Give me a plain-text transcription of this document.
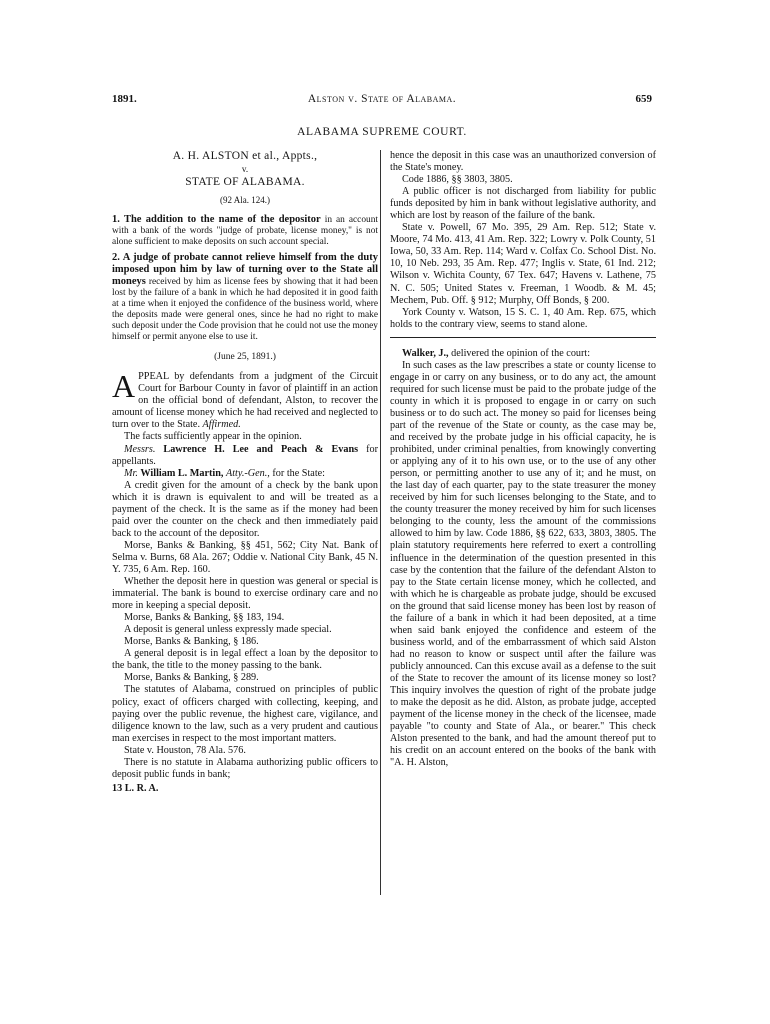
1891.	Alston v. State of Alabama.	659
ALABAMA SUPREME COURT.

A. H. ALSTON et al., Appts.,

v.

STATE OF ALABAMA.

(92 Ala. 124.)

1. The addition to the name of the depositor in an account with a bank of the words "judge of probate, license money," is not alone sufficient to make deposits on such account special.

2. A judge of probate cannot relieve himself from the duty imposed upon him by law of turning over to the State all moneys received by him as license fees by showing that it had been lost by the failure of a bank in which he had deposited it in good faith at a time when it enjoyed the confidence of the business world, where the deposits made were general ones, since he had no right to make such deposit under the Code provision that he could not use the money himself or permit anyone else to use it.

(June 25, 1891.)

APPEAL by defendants from a judgment of the Circuit Court for Barbour County in favor of plaintiff in an action on the official bond of defendant, Alston, to recover the amount of license money which he had received and neglected to turn over to the State. Affirmed.

The facts sufficiently appear in the opinion.

Messrs. Lawrence H. Lee and Peach & Evans for appellants.

Mr. William L. Martin, Atty.-Gen., for the State:

A credit given for the amount of a check by the bank upon which it is drawn is equivalent to and will be treated as a payment of the check. It is the same as if the money had been paid over the counter on the check and then immediately paid back to the account of the depositor.

Morse, Banks & Banking, §§ 451, 562; City Nat. Bank of Selma v. Burns, 68 Ala. 267; Oddie v. National City Bank, 45 N. Y. 735, 6 Am. Rep. 160.

Whether the deposit here in question was general or special is immaterial. The bank is bound to exercise ordinary care and no more in keeping a special deposit.

Morse, Banks & Banking, §§ 183, 194.

A deposit is general unless expressly made special.

Morse, Banks & Banking, § 186.

A general deposit is in legal effect a loan by the depositor to the bank, the title to the money passing to the bank.

Morse, Banks & Banking, § 289.

The statutes of Alabama, construed on principles of public policy, exact of officers charged with collecting, keeping, and paying over the public revenue, the highest care, vigilance, and diligence known to the law, such as a very prudent and cautious man exercises in respect to the most important matters.

State v. Houston, 78 Ala. 576.

There is no statute in Alabama authorizing public officers to deposit public funds in bank;

13 L. R. A.

hence the deposit in this case was an unauthorized conversion of the State's money.

Code 1886, §§ 3803, 3805.

A public officer is not discharged from liability for public funds deposited by him in bank without legislative authority, and which are lost by reason of the failure of the bank.

State v. Powell, 67 Mo. 395, 29 Am. Rep. 512; State v. Moore, 74 Mo. 413, 41 Am. Rep. 322; Lowry v. Polk County, 51 Iowa, 50, 33 Am. Rep. 114; Ward v. Colfax Co. School Dist. No. 10, 10 Neb. 293, 35 Am. Rep. 477; Inglis v. State, 61 Ind. 212; Wilson v. Wichita County, 67 Tex. 647; Havens v. Lathene, 75 N. C. 505; United States v. Freeman, 1 Woodb. & M. 45; Mechem, Pub. Off. § 912; Murphy, Off Bonds, § 200.

York County v. Watson, 15 S. C. 1, 40 Am. Rep. 675, which holds to the contrary view, seems to stand alone.

Walker, J., delivered the opinion of the court:

In such cases as the law prescribes a state or county license to engage in or carry on any business, or to do any act, the amount required for such license must be paid to the probate judge of the county in which it is proposed to engage in or carry on such business or to do such act. The money so paid for licenses being part of the revenue of the State or county, as the case may be, and received by the probate judge in his official capacity, he is prohibited, under criminal penalties, from knowingly converting or applying any of it to his own use, or to the use of any other person, or permitting another to use any of it; and he must, on the last day of each quarter, pay to the state treasurer the money received by him for such licenses belonging to the State, and to the county treasurer the money received by him for such licenses belonging to the county, less the amount of the commissions allowed to him by law. Code 1886, §§ 622, 633, 3803, 3805. The plain statutory requirements here referred to exert a controlling influence in the determination of the question presented in this case by the contention that the failure of the defendant Alston to pay to the State certain license money, which he collected, and with which he is chargeable as probate judge, should be excused on the ground that said license money has been lost by reason of the failure of a bank in which it had been deposited, at a time when said bank enjoyed the confidence and esteem of the business world, and of the embarrassment of which said Alston had no reason to know or suspect until after the failure was publicly announced. Can this excuse avail as a defense to the suit of the State to recover the amount of its license money so lost? This inquiry involves the question of right of the probate judge to make the deposit as he did. Alston, as probate judge, accepted payment of the license money in the check of the licensee, made payable "to county and State of Ala., or bearer." This check Alston presented to the bank, and had the amount thereof put to his credit on an account entered on the books of the bank with "A. H. Alston,
